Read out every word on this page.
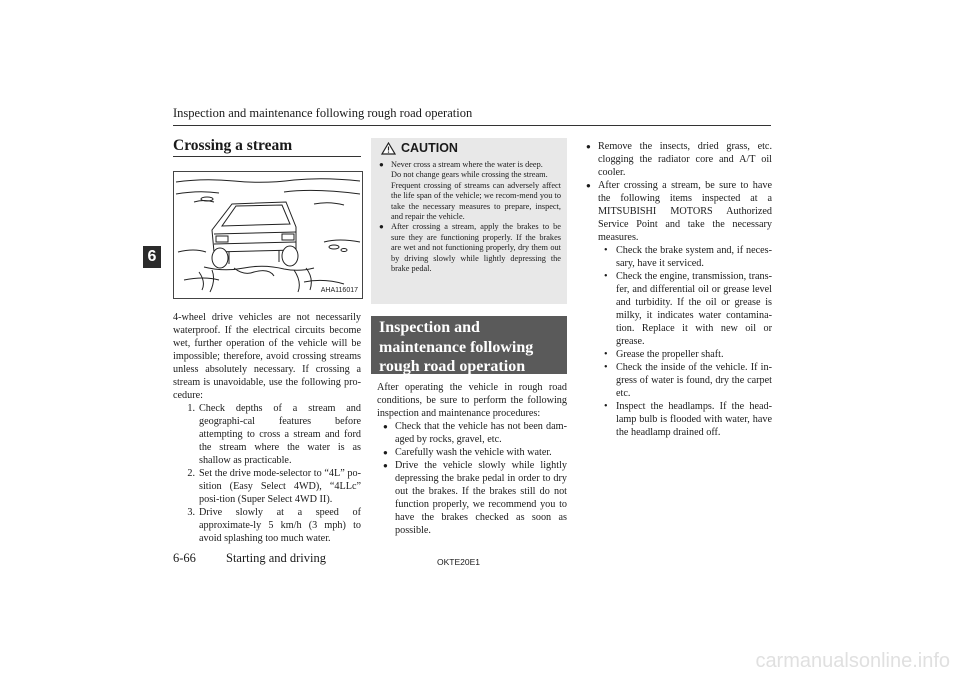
Inspection and maintenance following rough road operation
6
Crossing a stream
AHA116017

4-wheel drive vehicles are not necessarily waterproof. If the electrical circuits become wet, further operation of the vehicle will be impossible; therefore, avoid crossing streams unless absolutely necessary. If crossing a stream is unavoidable, use the following pro-cedure:

1. Check depths of a stream and geographi-cal features before attempting to cross a stream and ford the stream where the water is as shallow as practicable.
2. Set the drive mode-selector to “4L” po-sition (Easy Select 4WD), “4LLc” posi-tion (Super Select 4WD II).
3. Drive slowly at a speed of approximate-ly 5 km/h (3 mph) to avoid splashing too much water.
CAUTION
● Never cross a stream where the water is deep.

Do not change gears while crossing the stream.

Frequent crossing of streams can adversely affect the life span of the vehicle; we recom-mend you to take the necessary measures to prepare, inspect, and repair the vehicle.

● After crossing a stream, apply the brakes to be sure they are functioning properly. If the brakes are wet and not functioning properly, dry them out by driving slowly while lightly depressing the brake pedal.

Inspection and maintenance following rough road operation

After operating the vehicle in rough road conditions, be sure to perform the following inspection and maintenance procedures:

● Check that the vehicle has not been dam-aged by rocks, gravel, etc.
● Carefully wash the vehicle with water.
● Drive the vehicle slowly while lightly depressing the brake pedal in order to dry out the brakes. If the brakes still do not function properly, we recommend you to have the brakes checked as soon as possible.
● Remove the insects, dried grass, etc. clogging the radiator core and A/T oil cooler.
● After crossing a stream, be sure to have the following items inspected at a MITSUBISHI MOTORS Authorized Service Point and take the necessary measures.
• Check the brake system and, if neces-sary, have it serviced.
• Check the engine, transmission, trans-fer, and differential oil or grease level and turbidity. If the oil or grease is milky, it indicates water contamina-tion. Replace it with new oil or grease.
• Grease the propeller shaft.
• Check the inside of the vehicle. If in-gress of water is found, dry the carpet etc.
• Inspect the headlamps. If the head-lamp bulb is flooded with water, have the headlamp drained off.
6-66 Starting and driving	OKTE20E1
carmanualsonline.info
